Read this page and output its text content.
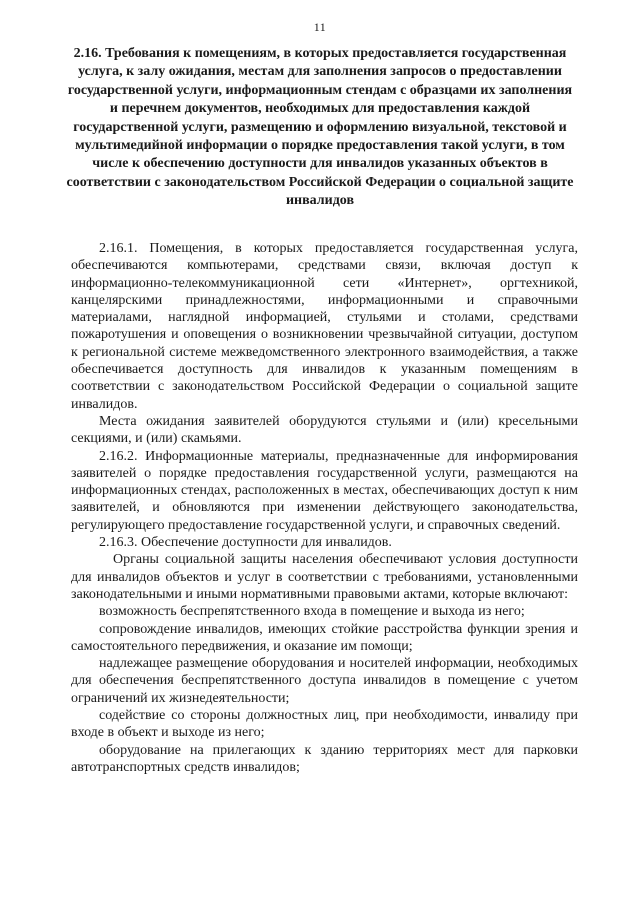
11
2.16. Требования к помещениям, в которых предоставляется государственная услуга, к залу ожидания, местам для заполнения запросов о предоставлении государственной услуги, информационным стендам с образцами их заполнения и перечнем документов, необходимых для предоставления каждой государственной услуги, размещению и оформлению визуальной, текстовой и мультимедийной информации о порядке предоставления такой услуги, в том числе к обеспечению доступности для инвалидов указанных объектов в соответствии с законодательством Российской Федерации о социальной защите инвалидов

2.16.1. Помещения, в которых предоставляется государственная услуга, обеспечиваются компьютерами, средствами связи, включая доступ к информационно-телекоммуникационной сети «Интернет», оргтехникой, канцелярскими принадлежностями, информационными и справочными материалами, наглядной информацией, стульями и столами, средствами пожаротушения и оповещения о возникновении чрезвычайной ситуации, доступом к региональной системе межведомственного электронного взаимодействия, а также обеспечивается доступность для инвалидов к указанным помещениям в соответствии с законодательством Российской Федерации о социальной защите инвалидов.

Места ожидания заявителей оборудуются стульями и (или) кресельными секциями, и (или) скамьями.

2.16.2. Информационные материалы, предназначенные для информирования заявителей о порядке предоставления государственной услуги, размещаются на информационных стендах, расположенных в местах, обеспечивающих доступ к ним заявителей, и обновляются при изменении действующего законодательства, регулирующего предоставление государственной услуги, и справочных сведений.

2.16.3. Обеспечение доступности для инвалидов.

Органы социальной защиты населения обеспечивают условия доступности для инвалидов объектов и услуг в соответствии с требованиями, установленными законодательными и иными нормативными правовыми актами, которые включают:

возможность беспрепятственного входа в помещение и выхода из него;

сопровождение инвалидов, имеющих стойкие расстройства функции зрения и самостоятельного передвижения, и оказание им помощи;

надлежащее размещение оборудования и носителей информации, необходимых для обеспечения беспрепятственного доступа инвалидов в помещение с учетом ограничений их жизнедеятельности;

содействие со стороны должностных лиц, при необходимости, инвалиду при входе в объект и выходе из него;

оборудование на прилегающих к зданию территориях мест для парковки автотранспортных средств инвалидов;
